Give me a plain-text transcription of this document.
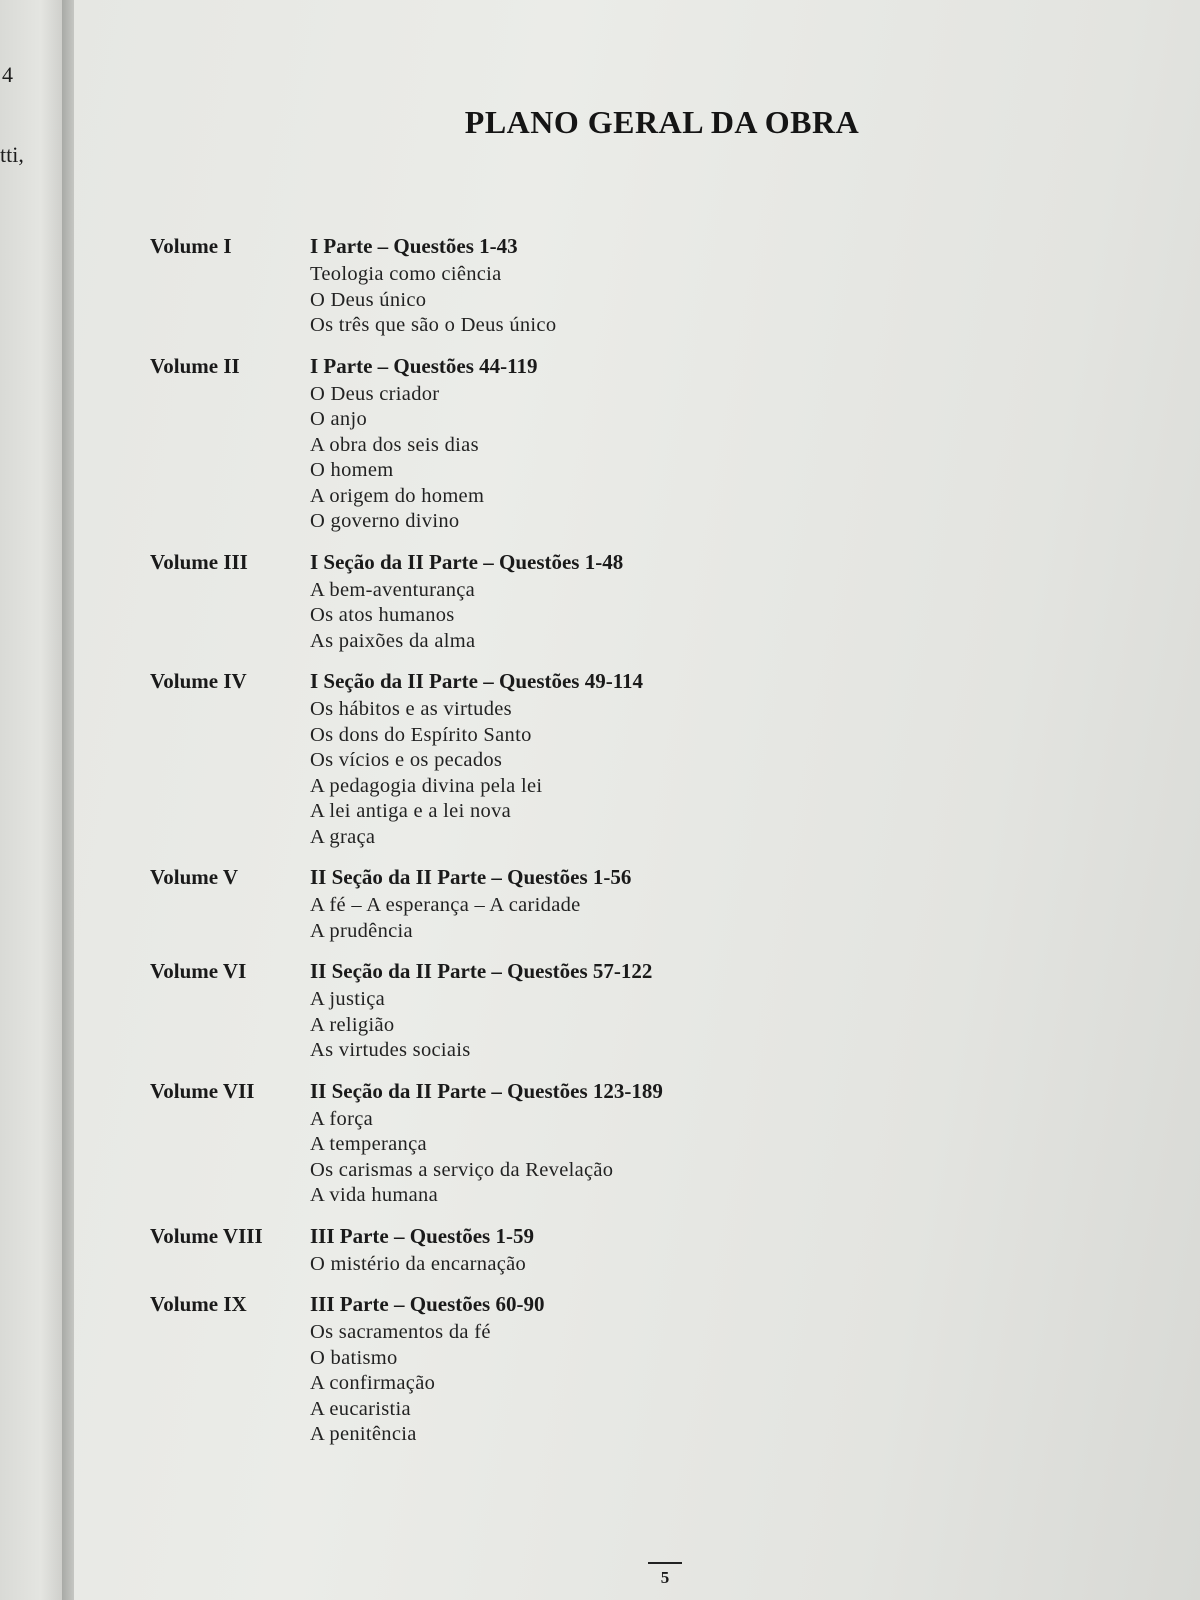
4
tti,
PLANO GERAL DA OBRA
Volume I	I Parte – Questões 1-43
Teologia como ciência
O Deus único
Os três que são o Deus único
Volume II	I Parte – Questões 44-119
O Deus criador
O anjo
A obra dos seis dias
O homem
A origem do homem
O governo divino
Volume III	I Seção da II Parte – Questões 1-48
A bem-aventurança
Os atos humanos
As paixões da alma
Volume IV	I Seção da II Parte – Questões 49-114
Os hábitos e as virtudes
Os dons do Espírito Santo
Os vícios e os pecados
A pedagogia divina pela lei
A lei antiga e a lei nova
A graça
Volume V	II Seção da II Parte – Questões 1-56
A fé – A esperança – A caridade
A prudência
Volume VI	II Seção da II Parte – Questões 57-122
A justiça
A religião
As virtudes sociais
Volume VII	II Seção da II Parte – Questões 123-189
A força
A temperança
Os carismas a serviço da Revelação
A vida humana
Volume VIII	III Parte – Questões 1-59
O mistério da encarnação
Volume IX	III Parte – Questões 60-90
Os sacramentos da fé
O batismo
A confirmação
A eucaristia
A penitência
5
